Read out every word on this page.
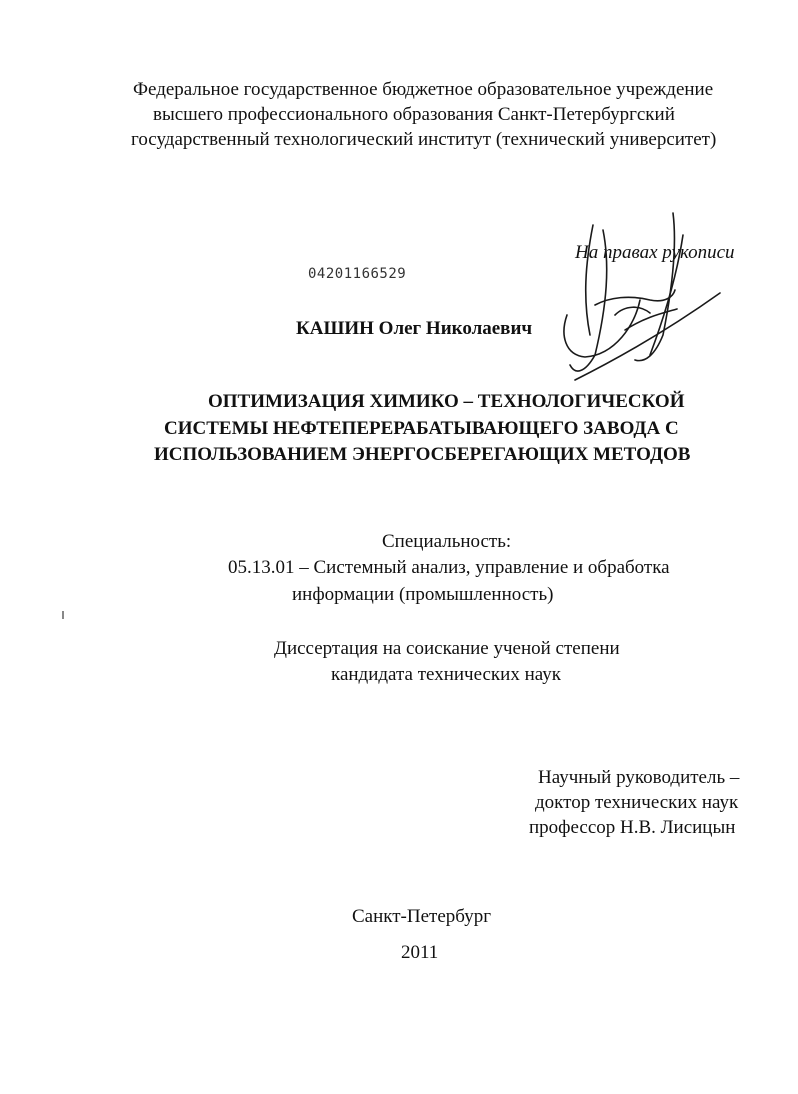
Федеральное государственное бюджетное образовательное учреждение
высшего профессионального образования Санкт-Петербургский
государственный технологический институт (технический университет)
На правах рукописи
04201166529
КАШИН Олег Николаевич
ОПТИМИЗАЦИЯ ХИМИКО – ТЕХНОЛОГИЧЕСКОЙ
СИСТЕМЫ НЕФТЕПЕРЕРАБАТЫВАЮЩЕГО ЗАВОДА С
ИСПОЛЬЗОВАНИЕМ ЭНЕРГОСБЕРЕГАЮЩИХ МЕТОДОВ
Специальность:
05.13.01 – Системный анализ, управление и обработка
информации (промышленность)
Диссертация на соискание ученой степени
кандидата технических наук
Научный руководитель –
доктор технических наук
профессор Н.В. Лисицын
Санкт-Петербург
2011
